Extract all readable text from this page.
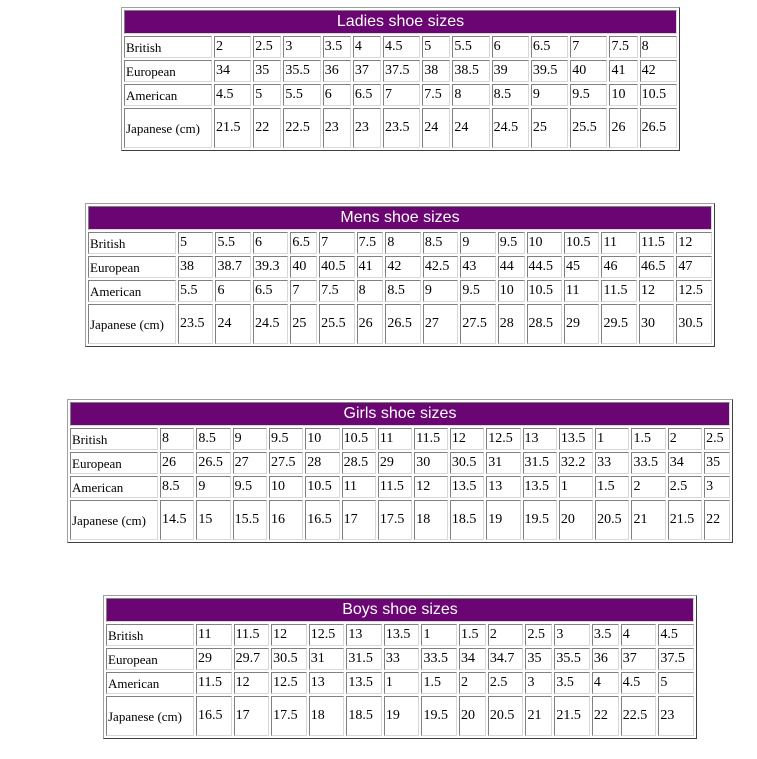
Ladies shoe sizes													
British	2	2.5	3	3.5	4	4.5	5	5.5	6	6.5	7	7.5	8
European	34	35	35.5	36	37	37.5	38	38.5	39	39.5	40	41	42
American	4.5	5	5.5	6	6.5	7	7.5	8	8.5	9	9.5	10	10.5
Japanese (cm)	21.5	22	22.5	23	23	23.5	24	24	24.5	25	25.5	26	26.5
Mens shoe sizes															
British	5	5.5	6	6.5	7	7.5	8	8.5	9	9.5	10	10.5	11	11.5	12
European	38	38.7	39.3	40	40.5	41	42	42.5	43	44	44.5	45	46	46.5	47
American	5.5	6	6.5	7	7.5	8	8.5	9	9.5	10	10.5	11	11.5	12	12.5
Japanese (cm)	23.5	24	24.5	25	25.5	26	26.5	27	27.5	28	28.5	29	29.5	30	30.5
Girls shoe sizes																
British	8	8.5	9	9.5	10	10.5	11	11.5	12	12.5	13	13.5	1	1.5	2	2.5
European	26	26.5	27	27.5	28	28.5	29	30	30.5	31	31.5	32.2	33	33.5	34	35
American	8.5	9	9.5	10	10.5	11	11.5	12	13.5	13	13.5	1	1.5	2	2.5	3
Japanese (cm)	14.5	15	15.5	16	16.5	17	17.5	18	18.5	19	19.5	20	20.5	21	21.5	22
Boys shoe sizes														
British	11	11.5	12	12.5	13	13.5	1	1.5	2	2.5	3	3.5	4	4.5
European	29	29.7	30.5	31	31.5	33	33.5	34	34.7	35	35.5	36	37	37.5
American	11.5	12	12.5	13	13.5	1	1.5	2	2.5	3	3.5	4	4.5	5
Japanese (cm)	16.5	17	17.5	18	18.5	19	19.5	20	20.5	21	21.5	22	22.5	23
